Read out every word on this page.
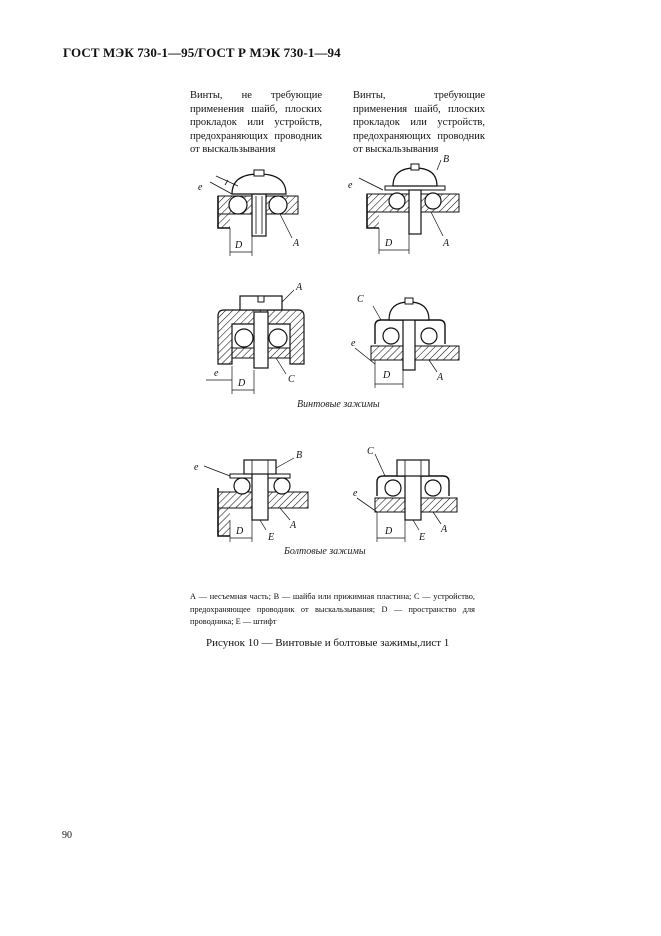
ГОСТ МЭК 730-1—95/ГОСТ Р МЭК 730-1—94
Винты, не требующие применения шайб, плоских прокладок или устройств, предохраняющих проводник от выскальзывания
Винты, требующие применения шайб, плоских прокладок или устройств, предохраняющих проводник от выскальзывания
e
D	A
B
e
D	A
A
C
D
e
C
e
D	A
Винтовые зажимы
B
e
D
E
A
C
e
D
E
A
Болтовые зажимы
А — несъемная часть; В — шайба или прижимная пластина; С — устройство, предохраняющее проводник от выскальзывания; D — пространство для проводника; Е — штифт
Рисунок 10 — Винтовые и болтовые зажимы,лист 1
90
